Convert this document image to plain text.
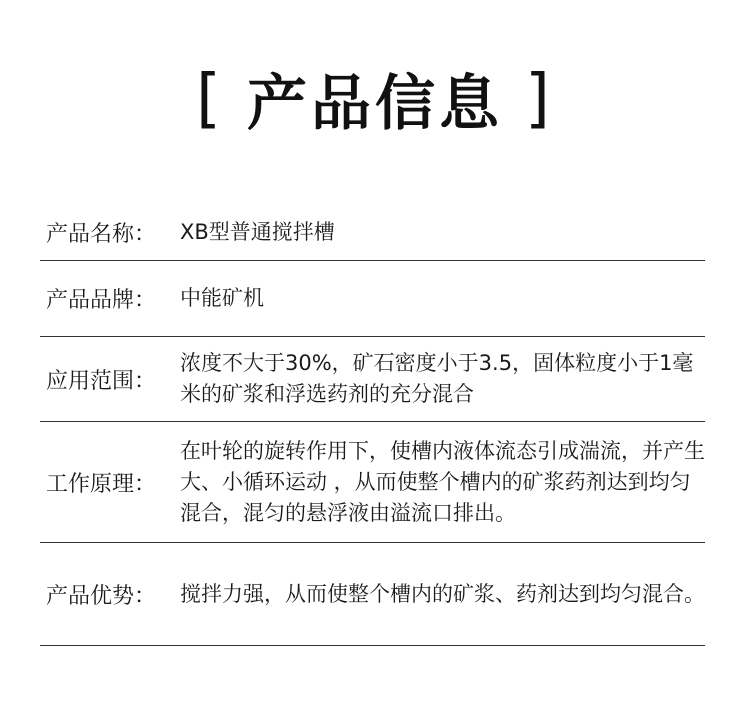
[ 产品信息 ]
产品名称：	XB型普通搅拌槽
产品品牌：	中能矿机
应用范围：
浓度不大于30%，矿石密度小于3.5，固体粒度小于1毫米的矿浆和浮选药剂的充分混合
工作原理：
在叶轮的旋转作用下，使槽内液体流态引成湍流，并产生大、小循环运动 ，从而使整个槽内的矿浆药剂达到均匀混合，混匀的悬浮液由溢流口排出。
产品优势：	搅拌力强，从而使整个槽内的矿浆、药剂达到均匀混合。
